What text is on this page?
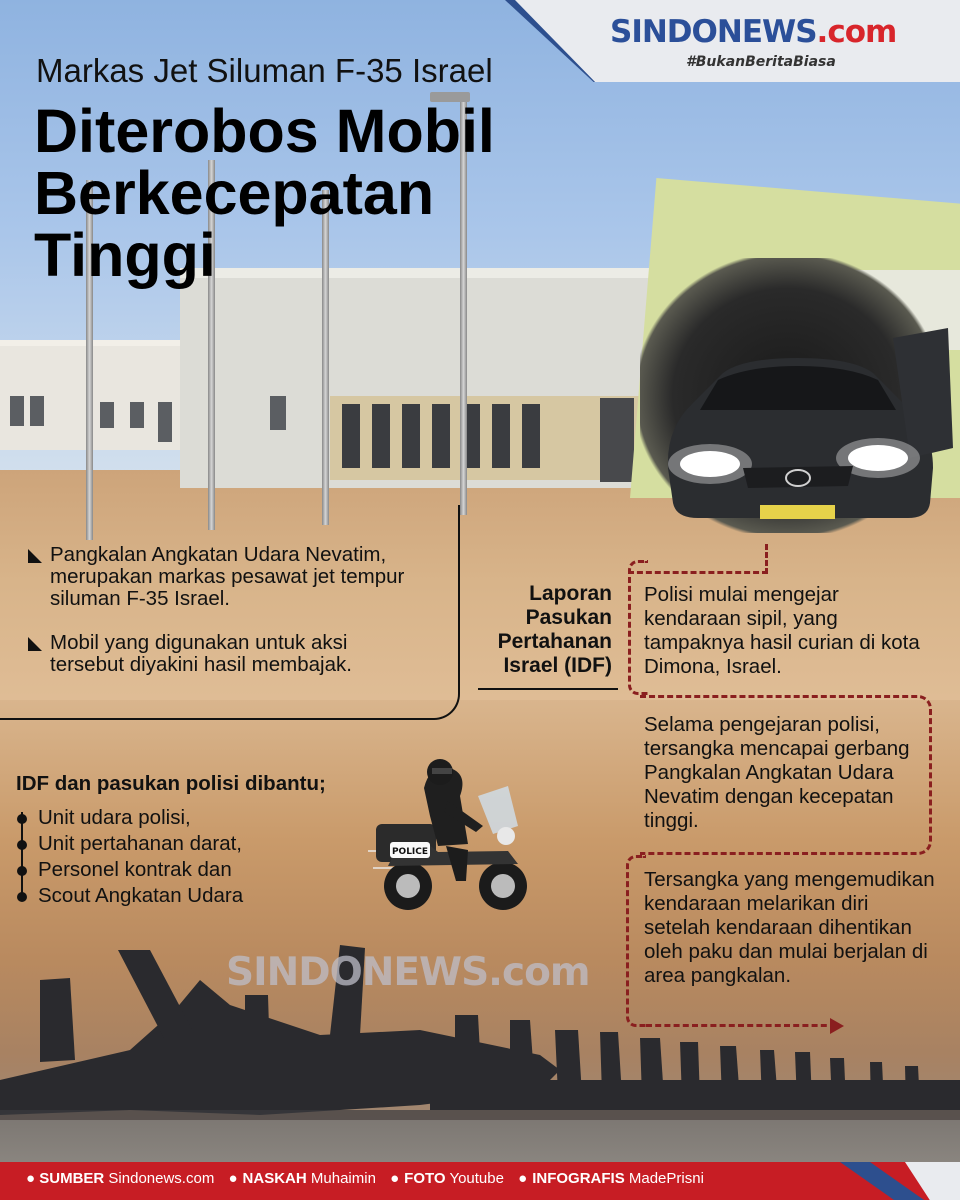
SINDONEWS.com
#BukanBeritaBiasa
Markas Jet Siluman F-35 Israel
Diterobos Mobil
Berkecepatan
Tinggi
Pangkalan Angkatan Udara Nevatim, merupakan markas pesawat jet tempur siluman F-35 Israel.
Mobil yang digunakan untuk aksi tersebut diyakini hasil membajak.
Laporan
Pasukan
Pertahanan
Israel (IDF)
Polisi mulai mengejar kendaraan sipil, yang tampaknya hasil curian di kota Dimona, Israel.
Selama pengejaran polisi, tersangka mencapai gerbang Pangkalan Angkatan Udara Nevatim dengan kecepatan tinggi.
Tersangka yang mengemudikan kendaraan melarikan diri setelah kendaraan dihentikan oleh paku dan mulai berjalan di area pangkalan.
IDF dan pasukan polisi dibantu;
Unit udara polisi,
Unit pertahanan darat,
Personel kontrak dan
Scout Angkatan Udara
POLICE
SINDONEWS.com
● SUMBER Sindonews.com ● NASKAH Muhaimin ● FOTO Youtube ● INFOGRAFIS MadePrisni
